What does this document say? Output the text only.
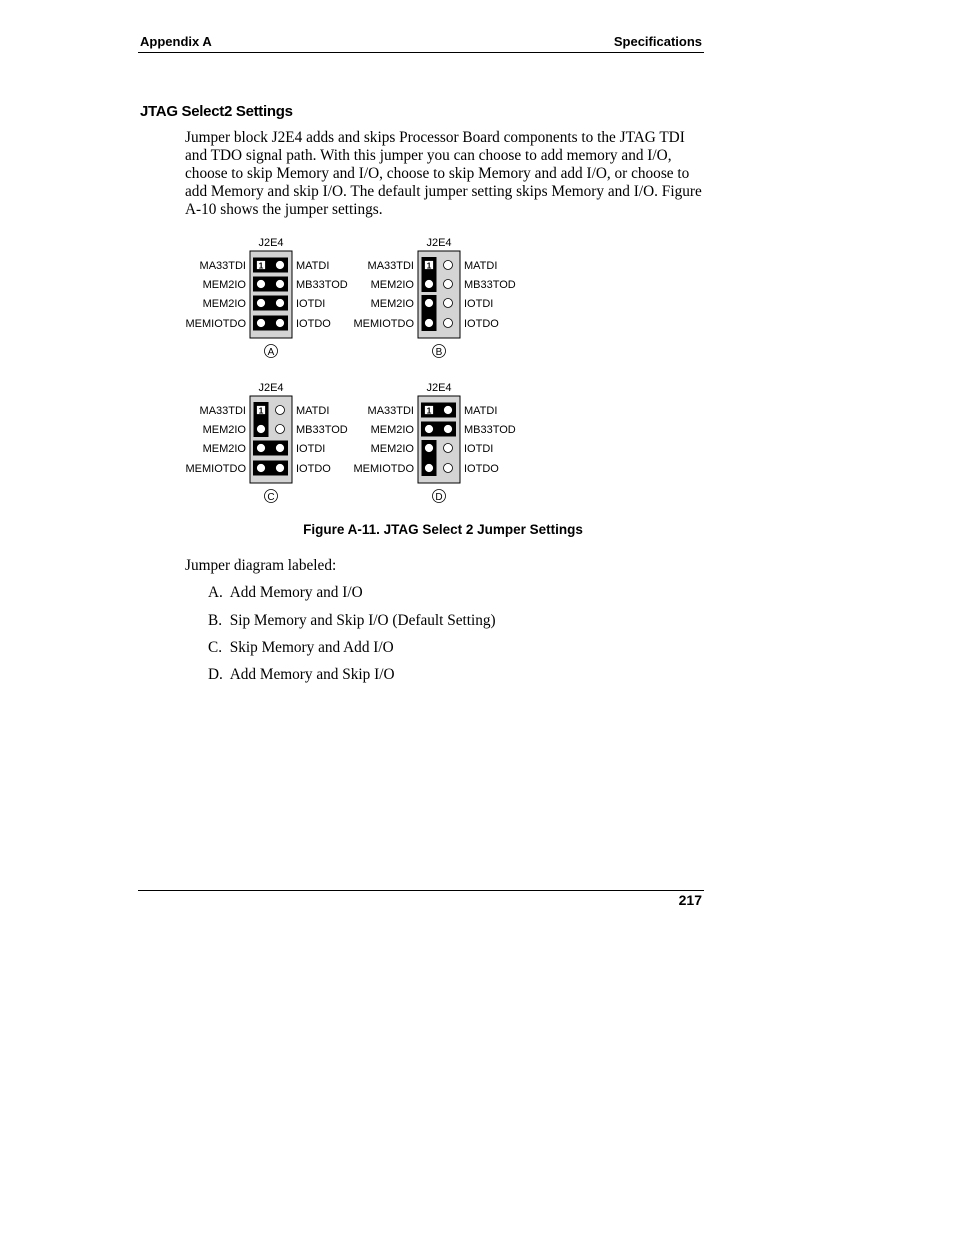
Appendix A	Specifications
JTAG Select2 Settings

Jumper block J2E4 adds and skips Processor Board components to the JTAG TDI and TDO signal path. With this jumper you can choose to add memory and I/O, choose to skip Memory and I/O, choose to skip Memory and add I/O, or choose to add Memory and skip I/O. The default jumper setting skips Memory and I/O. Figure A-10 shows the jumper settings.

J2E4
1
MA33TDI	MATDI
MEM2IO	MB33TOD
MEM2IO	IOTDI
MEMIOTDO	IOTDO
A
J2E4
1
MA33TDI	MATDI
MEM2IO	MB33TOD
MEM2IO	IOTDI
MEMIOTDO	IOTDO
B
J2E4
1
MA33TDI	MATDI
MEM2IO	MB33TOD
MEM2IO	IOTDI
MEMIOTDO	IOTDO
C
J2E4
1
MA33TDI	MATDI
MEM2IO	MB33TOD
MEM2IO	IOTDI
MEMIOTDO	IOTDO
D
Figure A-11. JTAG Select 2 Jumper Settings
Jumper diagram labeled:
A. Add Memory and I/O
B. Sip Memory and Skip I/O (Default Setting)
C. Skip Memory and Add I/O
D. Add Memory and Skip I/O
217
